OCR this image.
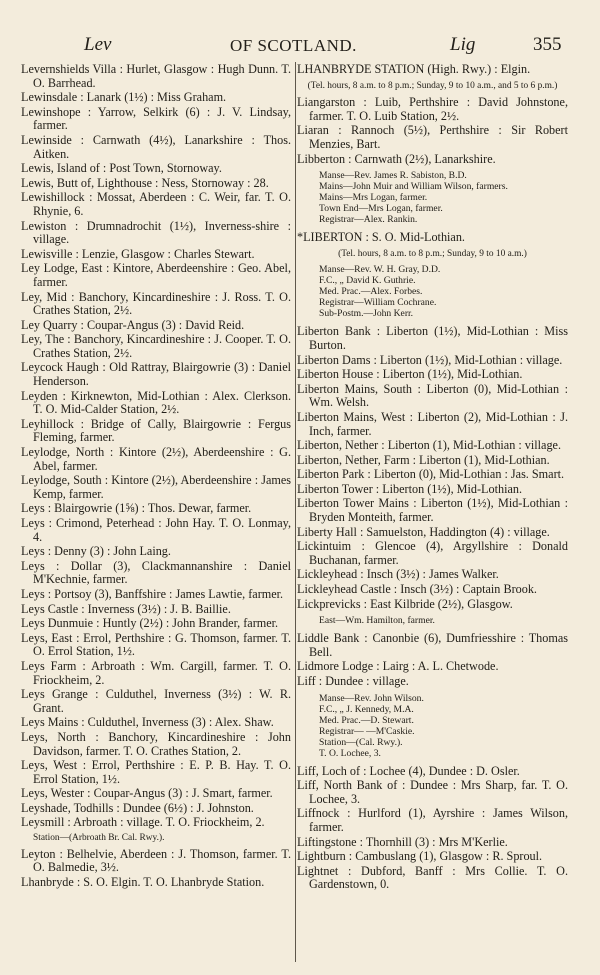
Lev	OF SCOTLAND.	Lig	355

Levernshields Villa : Hurlet, Glasgow : Hugh Dunn. T. O. Barrhead.

Lewinsdale : Lanark (1½) : Miss Graham.

Lewinshope : Yarrow, Selkirk (6) : J. V. Lindsay, farmer.

Lewinside : Carnwath (4½), Lanarkshire : Thos. Aitken.

Lewis, Island of : Post Town, Stornoway.

Lewis, Butt of, Lighthouse : Ness, Stornoway : 28.

Lewishillock : Mossat, Aberdeen : C. Weir, far. T. O. Rhynie, 6.

Lewiston : Drumnadrochit (1½), Inverness-shire : village.

Lewisville : Lenzie, Glasgow : Charles Stewart.

Ley Lodge, East : Kintore, Aberdeenshire : Geo. Abel, farmer.

Ley, Mid : Banchory, Kincardineshire : J. Ross. T. O. Crathes Station, 2½.

Ley Quarry : Coupar-Angus (3) : David Reid.

Ley, The : Banchory, Kincardineshire : J. Cooper. T. O. Crathes Station, 2½.

Leycock Haugh : Old Rattray, Blairgowrie (3) : Daniel Henderson.

Leyden : Kirknewton, Mid-Lothian : Alex. Clerkson. T. O. Mid-Calder Station, 2½.

Leyhillock : Bridge of Cally, Blairgowrie : Fergus Fleming, farmer.

Leylodge, North : Kintore (2½), Aberdeenshire : G. Abel, farmer.

Leylodge, South : Kintore (2½), Aberdeenshire : James Kemp, farmer.

Leys : Blairgowrie (1⅝) : Thos. Dewar, farmer.

Leys : Crimond, Peterhead : John Hay. T. O. Lonmay, 4.

Leys : Denny (3) : John Laing.

Leys : Dollar (3), Clackmannanshire : Daniel M'Kechnie, farmer.

Leys : Portsoy (3), Banffshire : James Lawtie, farmer.

Leys Castle : Inverness (3½) : J. B. Baillie.

Leys Dunmuie : Huntly (2½) : John Brander, farmer.

Leys, East : Errol, Perthshire : G. Thomson, farmer. T. O. Errol Station, 1½.

Leys Farm : Arbroath : Wm. Cargill, farmer. T. O. Friockheim, 2.

Leys Grange : Culduthel, Inverness (3½) : W. R. Grant.

Leys Mains : Culduthel, Inverness (3) : Alex. Shaw.

Leys, North : Banchory, Kincardineshire : John Davidson, farmer. T. O. Crathes Station, 2.

Leys, West : Errol, Perthshire : E. P. B. Hay. T. O. Errol Station, 1½.

Leys, Wester : Coupar-Angus (3) : J. Smart, farmer.

Leyshade, Todhills : Dundee (6½) : J. Johnston.

Leysmill : Arbroath : village. T. O. Friockheim, 2.

Station—(Arbroath Br. Cal. Rwy.).

Leyton : Belhelvie, Aberdeen : J. Thomson, farmer. T. O. Balmedie, 3½.

Lhanbryde : S. O. Elgin. T. O. Lhanbryde Station.

LHANBRYDE STATION (High. Rwy.) : Elgin.

(Tel. hours, 8 a.m. to 8 p.m.; Sunday, 9 to 10 a.m., and 5 to 6 p.m.)

Liangarston : Luib, Perthshire : David Johnstone, farmer. T. O. Luib Station, 2½.

Liaran : Rannoch (5½), Perthshire : Sir Robert Menzies, Bart.

Libberton : Carnwath (2½), Lanarkshire.

Manse—Rev. James R. Sabiston, B.D.
Mains—John Muir and William Wilson, farmers.
Mains—Mrs Logan, farmer.
Town End—Mrs Logan, farmer.
Registrar—Alex. Rankin.

*LIBERTON : S. O. Mid-Lothian.

(Tel. hours, 8 a.m. to 8 p.m.; Sunday, 9 to 10 a.m.)

Manse—Rev. W. H. Gray, D.D.
F.C., „ David K. Guthrie.
Med. Prac.—Alex. Forbes.
Registrar—William Cochrane.
Sub-Postm.—John Kerr.

Liberton Bank : Liberton (1½), Mid-Lothian : Miss Burton.

Liberton Dams : Liberton (1½), Mid-Lothian : village.

Liberton House : Liberton (1½), Mid-Lothian.

Liberton Mains, South : Liberton (0), Mid-Lothian : Wm. Welsh.

Liberton Mains, West : Liberton (2), Mid-Lothian : J. Inch, farmer.

Liberton, Nether : Liberton (1), Mid-Lothian : village.

Liberton, Nether, Farm : Liberton (1), Mid-Lothian.

Liberton Park : Liberton (0), Mid-Lothian : Jas. Smart.

Liberton Tower : Liberton (1½), Mid-Lothian.

Liberton Tower Mains : Liberton (1½), Mid-Lothian : Bryden Monteith, farmer.

Liberty Hall : Samuelston, Haddington (4) : village.

Lickintuim : Glencoe (4), Argyllshire : Donald Buchanan, farmer.

Lickleyhead : Insch (3½) : James Walker.

Lickleyhead Castle : Insch (3½) : Captain Brook.

Lickprevicks : East Kilbride (2½), Glasgow.

East—Wm. Hamilton, farmer.

Liddle Bank : Canonbie (6), Dumfriesshire : Thomas Bell.

Lidmore Lodge : Lairg : A. L. Chetwode.

Liff : Dundee : village.

Manse—Rev. John Wilson.
F.C., „ J. Kennedy, M.A.
Med. Prac.—D. Stewart.
Registrar— —M'Caskie.
Station—(Cal. Rwy.).
T. O. Lochee, 3.

Liff, Loch of : Lochee (4), Dundee : D. Osler.

Liff, North Bank of : Dundee : Mrs Sharp, far. T. O. Lochee, 3.

Liffnock : Hurlford (1), Ayrshire : James Wilson, farmer.

Liftingstone : Thornhill (3) : Mrs M'Kerlie.

Lightburn : Cambuslang (1), Glasgow : R. Sproul.

Lightnet : Dubford, Banff : Mrs Collie. T. O. Gardenstown, 0.
